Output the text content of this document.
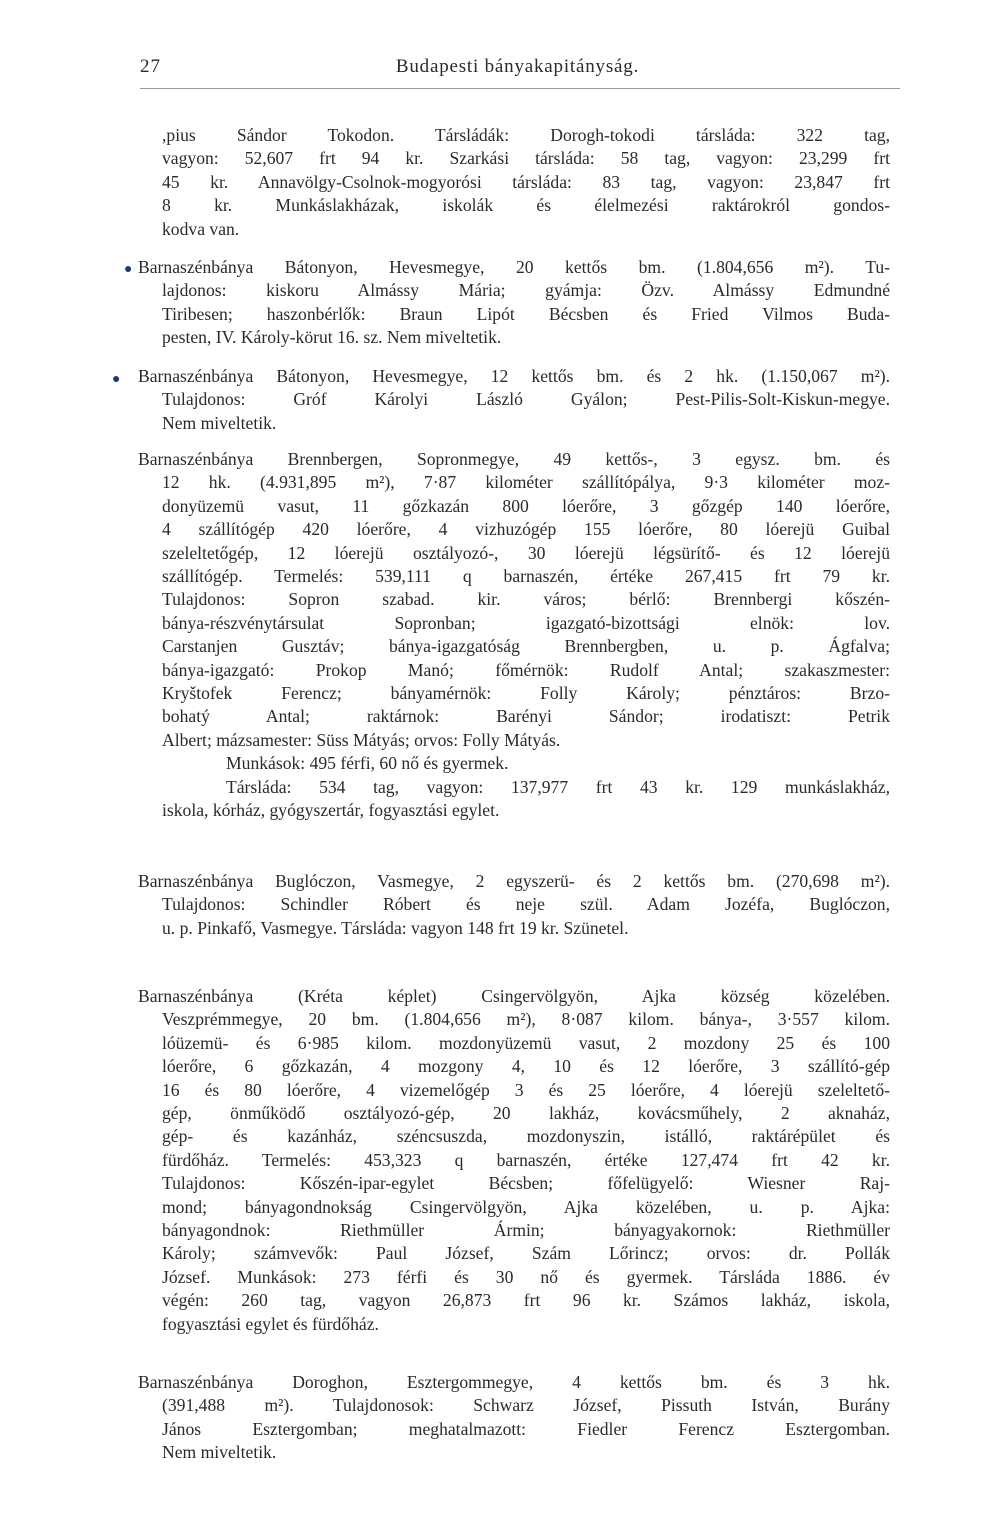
27	Budapesti bányakapitányság.
,pius Sándor Tokodon. Társládák: Dorogh-tokodi társláda: 322 tag,
vagyon: 52,607 frt 94 kr. Szarkási társláda: 58 tag, vagyon: 23,299 frt
45 kr. Annavölgy-Csolnok-mogyorósi társláda: 83 tag, vagyon: 23,847 frt
8 kr. Munkáslakházak, iskolák és élelmezési raktárokról gondos-
kodva van.
● Barnaszénbánya Bátonyon, Hevesmegye, 20 kettős bm. (1.804,656 m²). Tu-
lajdonos: kiskoru Almássy Mária; gyámja: Özv. Almássy Edmundné
Tiribesen; haszonbérlők: Braun Lipót Bécsben és Fried Vilmos Buda-
pesten, IV. Károly-körut 16. sz. Nem miveltetik.
● Barnaszénbánya Bátonyon, Hevesmegye, 12 kettős bm. és 2 hk. (1.150,067 m²).
Tulajdonos: Gróf Károlyi László Gyálon; Pest-Pilis-Solt-Kiskun-megye.
Nem miveltetik.
Barnaszénbánya Brennbergen, Sopronmegye, 49 kettős-, 3 egysz. bm. és
12 hk. (4.931,895 m²), 7·87 kilométer szállítópálya, 9·3 kilométer moz-
donyüzemü vasut, 11 gőzkazán 800 lóerőre, 3 gőzgép 140 lóerőre,
4 szállítógép 420 lóerőre, 4 vizhuzógép 155 lóerőre, 80 lóerejü Guibal
szeleltetőgép, 12 lóerejü osztályozó-, 30 lóerejü légsürítő- és 12 lóerejü
szállítógép. Termelés: 539,111 q barnaszén, értéke 267,415 frt 79 kr.
Tulajdonos: Sopron szabad. kir. város; bérlő: Brennbergi kőszén-
bánya-részvénytársulat Sopronban; igazgató-bizottsági elnök: lov.
Carstanjen Gusztáv; bánya-igazgatóság Brennbergben, u. p. Ágfalva;
bánya-igazgató: Prokop Manó; főmérnök: Rudolf Antal; szakaszmester:
Kryštofek Ferencz; bányamérnök: Folly Károly; pénztáros: Brzo-
bohatý Antal; raktárnok: Barényi Sándor; irodatiszt: Petrik
Albert; mázsamester: Süss Mátyás; orvos: Folly Mátyás.
Munkások: 495 férfi, 60 nő és gyermek.
Társláda: 534 tag, vagyon: 137,977 frt 43 kr. 129 munkáslakház,
iskola, kórház, gyógyszertár, fogyasztási egylet.
Barnaszénbánya Buglóczon, Vasmegye, 2 egyszerü- és 2 kettős bm. (270,698 m²).
Tulajdonos: Schindler Róbert és neje szül. Adam Jozéfa, Buglóczon,
u. p. Pinkafő, Vasmegye. Társláda: vagyon 148 frt 19 kr. Szünetel.
Barnaszénbánya (Kréta képlet) Csingervölgyön, Ajka község közelében.
Veszprémmegye, 20 bm. (1.804,656 m²), 8·087 kilom. bánya-, 3·557 kilom.
lóüzemü- és 6·985 kilom. mozdonyüzemü vasut, 2 mozdony 25 és 100
lóerőre, 6 gőzkazán, 4 mozgony 4, 10 és 12 lóerőre, 3 szállító-gép
16 és 80 lóerőre, 4 vizemelőgép 3 és 25 lóerőre, 4 lóerejü szeleltető-
gép, önműködő osztályozó-gép, 20 lakház, kovácsműhely, 2 aknaház,
gép- és kazánház, széncsuszda, mozdonyszin, istálló, raktárépület és
fürdőház. Termelés: 453,323 q barnaszén, értéke 127,474 frt 42 kr.
Tulajdonos: Kőszén-ipar-egylet Bécsben; főfelügyelő: Wiesner Raj-
mond; bányagondnokság Csingervölgyön, Ajka közelében, u. p. Ajka:
bányagondnok: Riethmüller Ármin; bányagyakornok: Riethmüller
Károly; számvevők: Paul József, Szám Lőrincz; orvos: dr. Pollák
József. Munkások: 273 férfi és 30 nő és gyermek. Társláda 1886. év
végén: 260 tag, vagyon 26,873 frt 96 kr. Számos lakház, iskola,
fogyasztási egylet és fürdőház.
Barnaszénbánya Doroghon, Esztergommegye, 4 kettős bm. és 3 hk.
(391,488 m²). Tulajdonosok: Schwarz József, Pissuth István, Burány
János Esztergomban; meghatalmazott: Fiedler Ferencz Esztergomban.
Nem miveltetik.
